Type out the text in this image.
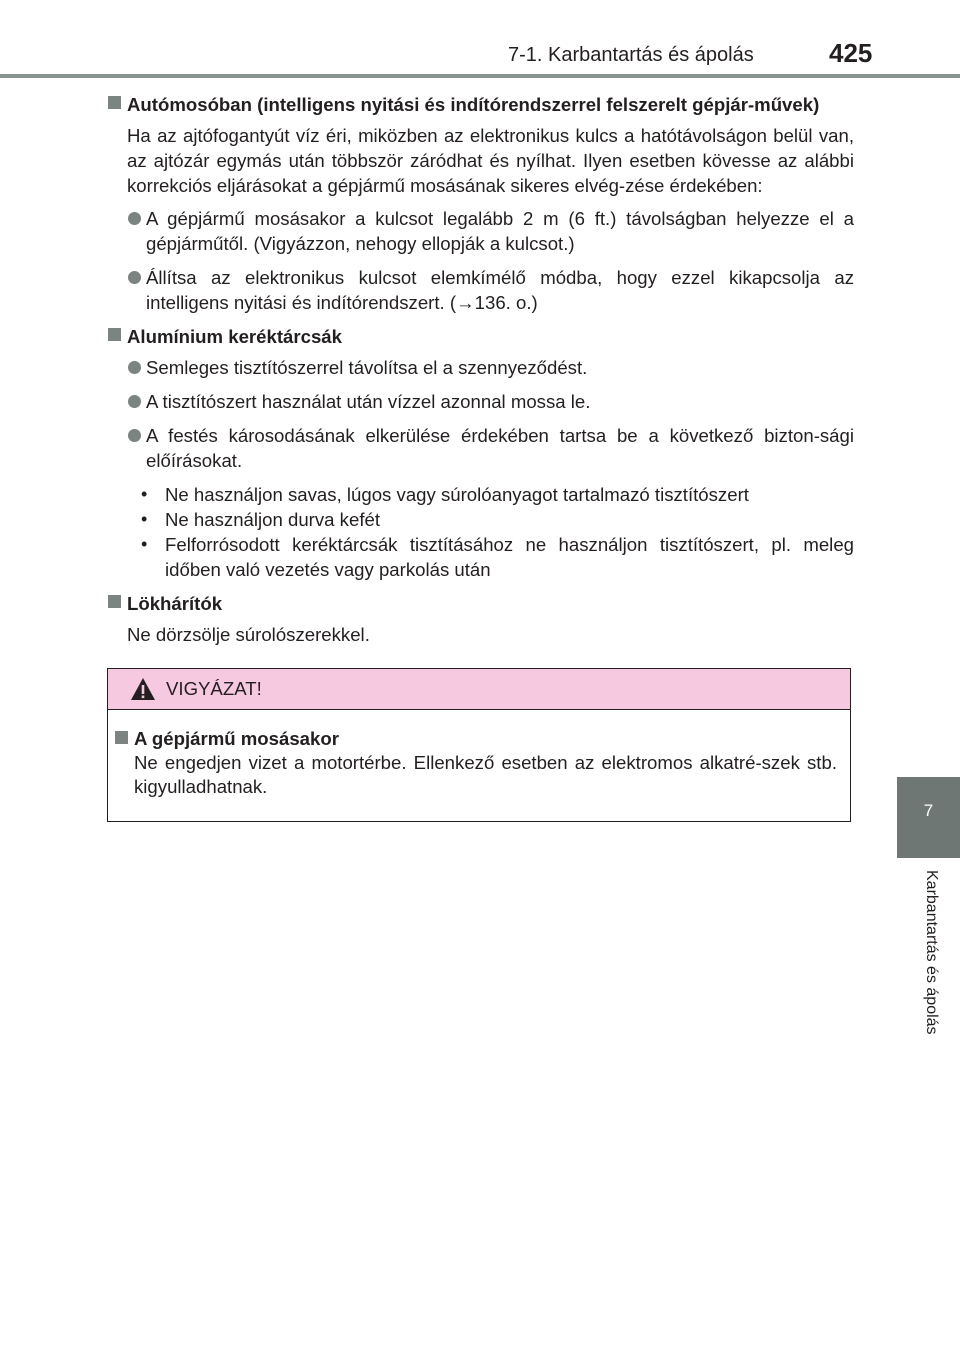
7-1. Karbantartás és ápolás	425
7
Karbantartás és ápolás
Autómosóban (intelligens nyitási és indítórendszerrel felszerelt gépjár-művek)
Ha az ajtófogantyút víz éri, miközben az elektronikus kulcs a hatótávolságon belül van, az ajtózár egymás után többször záródhat és nyílhat. Ilyen esetben kövesse az alábbi korrekciós eljárásokat a gépjármű mosásának sikeres elvég-zése érdekében:
A gépjármű mosásakor a kulcsot legalább 2 m (6 ft.) távolságban helyezze el a gépjárműtől. (Vigyázzon, nehogy ellopják a kulcsot.)
Állítsa az elektronikus kulcsot elemkímélő módba, hogy ezzel kikapcsolja az intelligens nyitási és indítórendszert. (→136. o.)
Alumínium keréktárcsák
Semleges tisztítószerrel távolítsa el a szennyeződést.
A tisztítószert használat után vízzel azonnal mossa le.
A festés károsodásának elkerülése érdekében tartsa be a következő bizton-sági előírásokat.
• Ne használjon savas, lúgos vagy súrolóanyagot tartalmazó tisztítószert
• Ne használjon durva kefét
• Felforrósodott keréktárcsák tisztításához ne használjon tisztítószert, pl. meleg időben való vezetés vagy parkolás után
Lökhárítók
Ne dörzsölje súrolószerekkel.
VIGYÁZAT!
A gépjármű mosásakor
Ne engedjen vizet a motortérbe. Ellenkező esetben az elektromos alkatré-szek stb. kigyulladhatnak.
